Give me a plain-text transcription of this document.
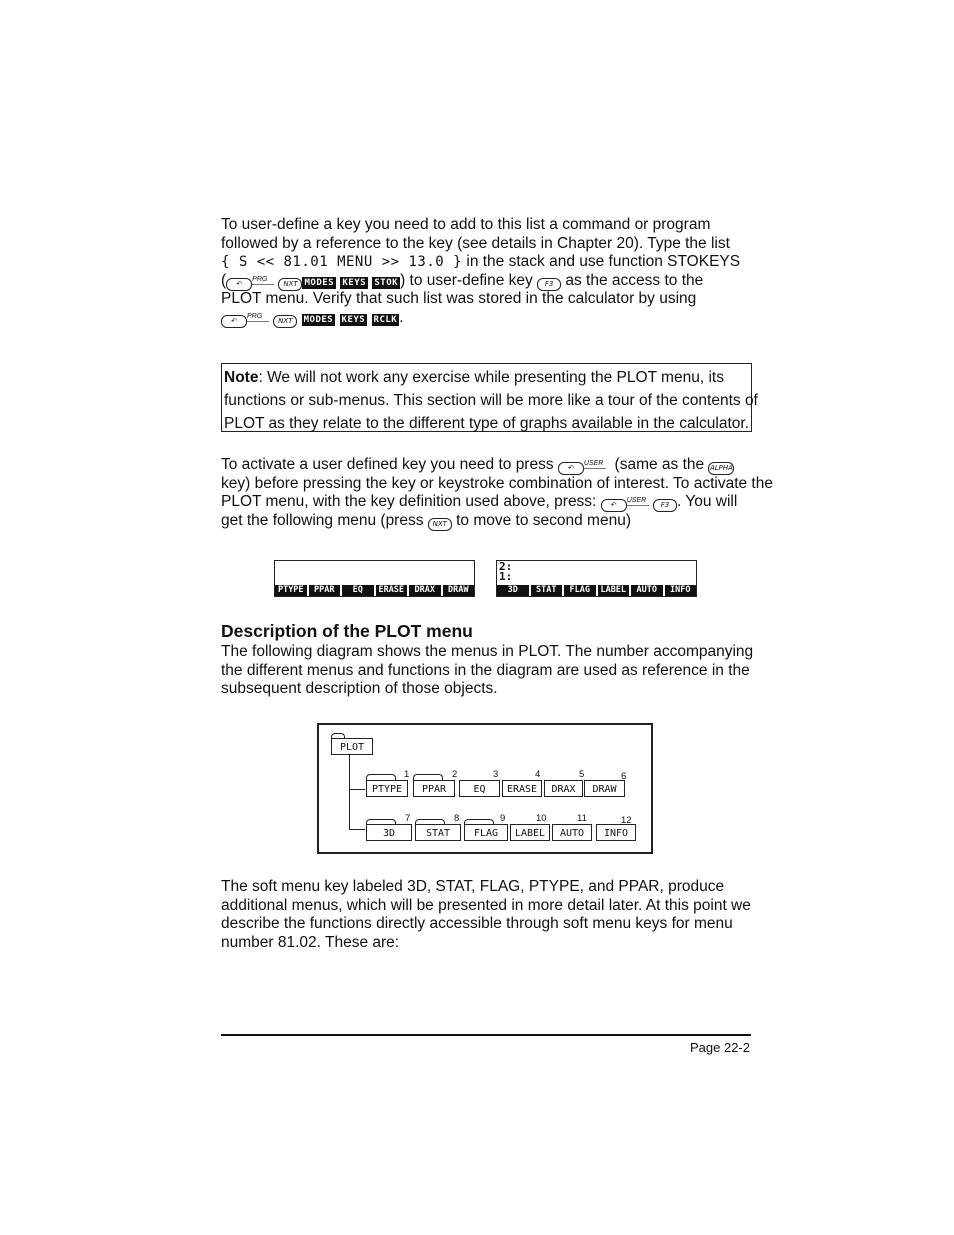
To user-define a key you need to add to this list a command or program
followed by a reference to the key (see details in Chapter 20). Type the list
{ S << 81.01 MENU >> 13.0 } in the stack and use function STOKEYS
( ↶PRG NXT MODES KEYS STOK ) to user-define key F3 as the access to the
PLOT menu. Verify that such list was stored in the calculator by using
↶PRG NXT MODES KEYS RCLK .
Note: We will not work any exercise while presenting the PLOT menu, its
functions or sub-menus. This section will be more like a tour of the contents of
PLOT as they relate to the different type of graphs available in the calculator.
To activate a user defined key you need to press ↶USER (same as the ALPHA
key) before pressing the key or keystroke combination of interest. To activate the
PLOT menu, with the key definition used above, press: ↶USER F3 . You will
get the following menu (press NXT to move to second menu)
PTYPE	PPAR	EQ	ERASE	DRAX	DRAW
2:
1:
3D	STAT	FLAG	LABEL	AUTO	INFO
Description of the PLOT menu
The following diagram shows the menus in PLOT. The number accompanying
the different menus and functions in the diagram are used as reference in the
subsequent description of those objects.
PLOT
PTYPE
1
PPAR
2
EQ
3
ERASE
4
DRAX
5
DRAW
6
3D
7
STAT
8
FLAG
9
LABEL
10
AUTO
11
INFO
12
The soft menu key labeled 3D, STAT, FLAG, PTYPE, and PPAR, produce
additional menus, which will be presented in more detail later. At this point we
describe the functions directly accessible through soft menu keys for menu
number 81.02. These are:
Page 22-2
